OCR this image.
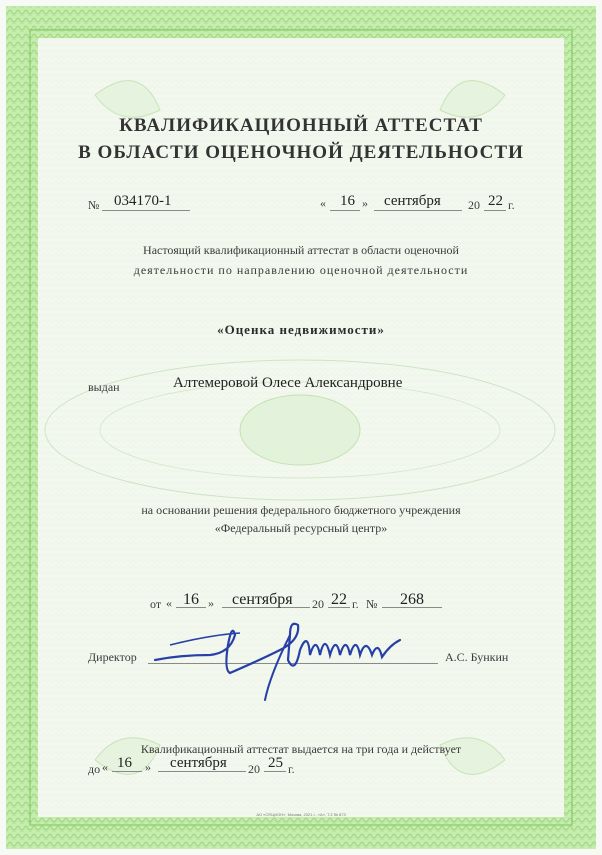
КВАЛИФИКАЦИОННЫЙ АТТЕСТАТ
В ОБЛАСТИ ОЦЕНОЧНОЙ ДЕЯТЕЛЬНОСТИ
№ 034170-1	« 16 » сентября 20 22 г.
Настоящий квалификационный аттестат в области оценочной
деятельности по направлению оценочной деятельности
«Оценка недвижимости»
выдан	Алтемеровой Олесе Александровне
на основании решения федерального бюджетного учреждения
«Федеральный ресурсный центр»
от « 16 » сентября 20 22 г. № 268
Директор	А.С. Бункин
Квалификационный аттестат выдается на три года и действует
до « 16 » сентября 20 25 г.
АО «ОПЦИОН», Москва, 2021 г., «А», Т.3 № 873
